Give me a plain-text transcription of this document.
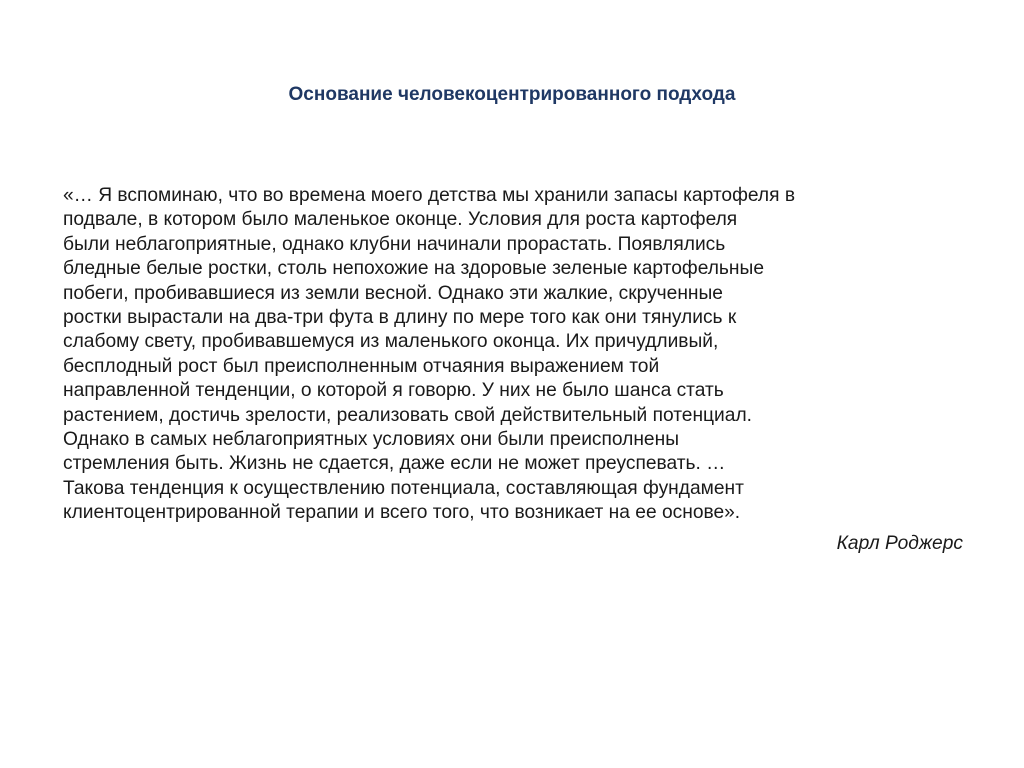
Основание человекоцентрированного подхода

«… Я вспоминаю, что во времена моего детства мы хранили запасы картофеля в
подвале, в котором было маленькое оконце. Условия для роста картофеля
были неблагоприятные, однако клубни начинали прорастать. Появлялись
бледные белые ростки, столь непохожие на здоровые зеленые картофельные
побеги, пробивавшиеся из земли весной. Однако эти жалкие, скрученные
ростки вырастали на два-три фута в длину по мере того как они тянулись к
слабому свету, пробивавшемуся из маленького оконца. Их причудливый,
бесплодный рост был преисполненным отчаяния выражением той
направленной тенденции, о которой я говорю. У них не было шанса стать
растением, достичь зрелости, реализовать свой действительный потенциал.
Однако в самых неблагоприятных условиях они были преисполнены
стремления быть. Жизнь не сдается, даже если не может преуспевать. …
Такова тенденция к осуществлению потенциала, составляющая фундамент
клиентоцентрированной терапии и всего того, что возникает на ее основе».

Карл Роджерс
